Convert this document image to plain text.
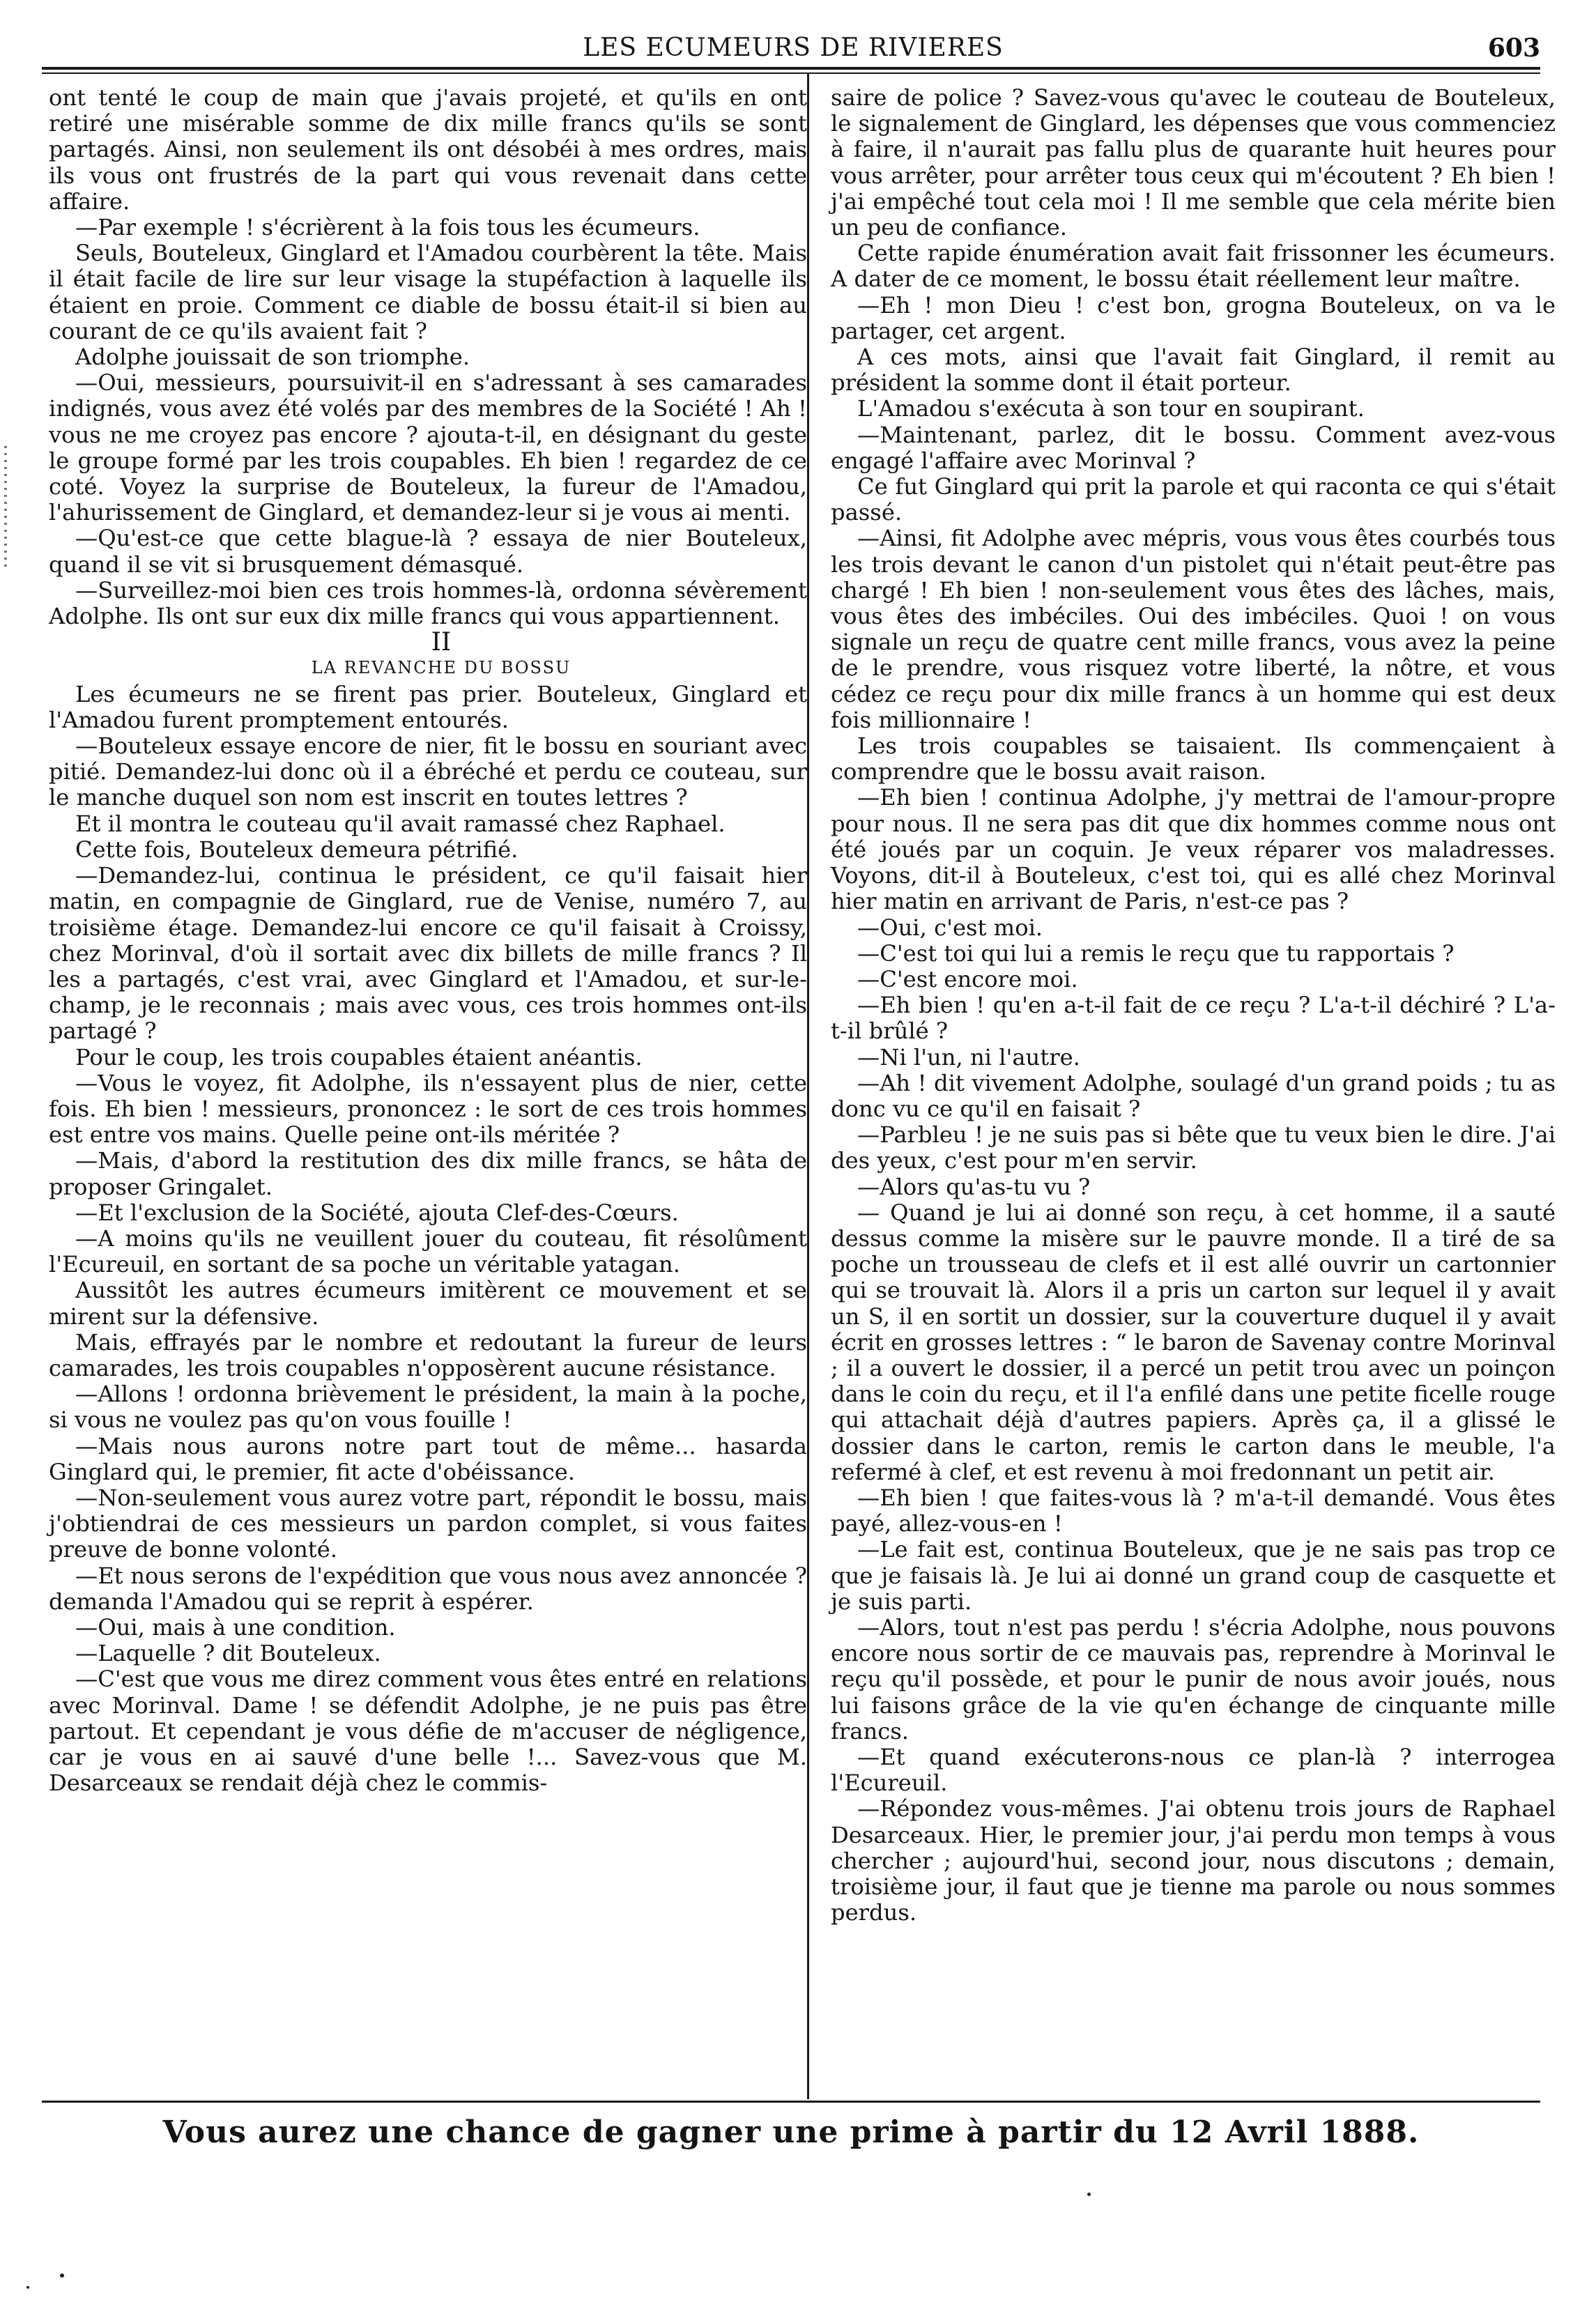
LES ECUMEURS DE RIVIERES	603

ont tenté le coup de main que j'avais projeté, et qu'ils en ont retiré une misérable somme de dix mille francs qu'ils se sont partagés. Ainsi, non seulement ils ont désobéi à mes ordres, mais ils vous ont frustrés de la part qui vous revenait dans cette affaire.

—Par exemple ! s'écrièrent à la fois tous les écumeurs.

Seuls, Bouteleux, Ginglard et l'Amadou courbèrent la tête. Mais il était facile de lire sur leur visage la stupéfaction à laquelle ils étaient en proie. Comment ce diable de bossu était-il si bien au courant de ce qu'ils avaient fait ?

Adolphe jouissait de son triomphe.

—Oui, messieurs, poursuivit-il en s'adressant à ses camarades indignés, vous avez été volés par des membres de la Société ! Ah ! vous ne me croyez pas encore ? ajouta-t-il, en désignant du geste le groupe formé par les trois coupables. Eh bien ! regardez de ce coté. Voyez la surprise de Bouteleux, la fureur de l'Amadou, l'ahurissement de Ginglard, et demandez-leur si je vous ai menti.

—Qu'est-ce que cette blague-là ? essaya de nier Bouteleux, quand il se vit si brusquement démasqué.

—Surveillez-moi bien ces trois hommes-là, ordonna sévèrement Adolphe. Ils ont sur eux dix mille francs qui vous appartiennent.

II

LA REVANCHE DU BOSSU

Les écumeurs ne se firent pas prier. Bouteleux, Ginglard et l'Amadou furent promptement entourés.

—Bouteleux essaye encore de nier, fit le bossu en souriant avec pitié. Demandez-lui donc où il a ébréché et perdu ce couteau, sur le manche duquel son nom est inscrit en toutes lettres ?

Et il montra le couteau qu'il avait ramassé chez Raphael.

Cette fois, Bouteleux demeura pétrifié.

—Demandez-lui, continua le président, ce qu'il faisait hier matin, en compagnie de Ginglard, rue de Venise, numéro 7, au troisième étage. Demandez-lui encore ce qu'il faisait à Croissy, chez Morinval, d'où il sortait avec dix billets de mille francs ? Il les a partagés, c'est vrai, avec Ginglard et l'Amadou, et sur-le-champ, je le reconnais ; mais avec vous, ces trois hommes ont-ils partagé ?

Pour le coup, les trois coupables étaient anéantis.

—Vous le voyez, fit Adolphe, ils n'essayent plus de nier, cette fois. Eh bien ! messieurs, prononcez : le sort de ces trois hommes est entre vos mains. Quelle peine ont-ils méritée ?

—Mais, d'abord la restitution des dix mille francs, se hâta de proposer Gringalet.

—Et l'exclusion de la Société, ajouta Clef-des-Cœurs.

—A moins qu'ils ne veuillent jouer du couteau, fit résolûment l'Ecureuil, en sortant de sa poche un véritable yatagan.

Aussitôt les autres écumeurs imitèrent ce mouvement et se mirent sur la défensive.

Mais, effrayés par le nombre et redoutant la fureur de leurs camarades, les trois coupables n'opposèrent aucune résistance.

—Allons ! ordonna brièvement le président, la main à la poche, si vous ne voulez pas qu'on vous fouille !

—Mais nous aurons notre part tout de même... hasarda Ginglard qui, le premier, fit acte d'obéissance.

—Non-seulement vous aurez votre part, répondit le bossu, mais j'obtiendrai de ces messieurs un pardon complet, si vous faites preuve de bonne volonté.

—Et nous serons de l'expédition que vous nous avez annoncée ? demanda l'Amadou qui se reprit à espérer.

—Oui, mais à une condition.

—Laquelle ? dit Bouteleux.

—C'est que vous me direz comment vous êtes entré en relations avec Morinval. Dame ! se défendit Adolphe, je ne puis pas être partout. Et cependant je vous défie de m'accuser de négligence, car je vous en ai sauvé d'une belle !... Savez-vous que M. Desarceaux se rendait déjà chez le commis-

saire de police ? Savez-vous qu'avec le couteau de Bouteleux, le signalement de Ginglard, les dépenses que vous commenciez à faire, il n'aurait pas fallu plus de quarante huit heures pour vous arrêter, pour arrêter tous ceux qui m'écoutent ? Eh bien ! j'ai empêché tout cela moi ! Il me semble que cela mérite bien un peu de confiance.

Cette rapide énumération avait fait frissonner les écumeurs. A dater de ce moment, le bossu était réellement leur maître.

—Eh ! mon Dieu ! c'est bon, grogna Bouteleux, on va le partager, cet argent.

A ces mots, ainsi que l'avait fait Ginglard, il remit au président la somme dont il était porteur.

L'Amadou s'exécuta à son tour en soupirant.

—Maintenant, parlez, dit le bossu. Comment avez-vous engagé l'affaire avec Morinval ?

Ce fut Ginglard qui prit la parole et qui raconta ce qui s'était passé.

—Ainsi, fit Adolphe avec mépris, vous vous êtes courbés tous les trois devant le canon d'un pistolet qui n'était peut-être pas chargé ! Eh bien ! non-seulement vous êtes des lâches, mais, vous êtes des imbéciles. Oui des imbéciles. Quoi ! on vous signale un reçu de quatre cent mille francs, vous avez la peine de le prendre, vous risquez votre liberté, la nôtre, et vous cédez ce reçu pour dix mille francs à un homme qui est deux fois millionnaire !

Les trois coupables se taisaient. Ils commençaient à comprendre que le bossu avait raison.

—Eh bien ! continua Adolphe, j'y mettrai de l'amour-propre pour nous. Il ne sera pas dit que dix hommes comme nous ont été joués par un coquin. Je veux réparer vos maladresses. Voyons, dit-il à Bouteleux, c'est toi, qui es allé chez Morinval hier matin en arrivant de Paris, n'est-ce pas ?

—Oui, c'est moi.

—C'est toi qui lui a remis le reçu que tu rapportais ?

—C'est encore moi.

—Eh bien ! qu'en a-t-il fait de ce reçu ? L'a-t-il déchiré ? L'a-t-il brûlé ?

—Ni l'un, ni l'autre.

—Ah ! dit vivement Adolphe, soulagé d'un grand poids ; tu as donc vu ce qu'il en faisait ?

—Parbleu ! je ne suis pas si bête que tu veux bien le dire. J'ai des yeux, c'est pour m'en servir.

—Alors qu'as-tu vu ?

— Quand je lui ai donné son reçu, à cet homme, il a sauté dessus comme la misère sur le pauvre monde. Il a tiré de sa poche un trousseau de clefs et il est allé ouvrir un cartonnier qui se trouvait là. Alors il a pris un carton sur lequel il y avait un S, il en sortit un dossier, sur la couverture duquel il y avait écrit en grosses lettres : “ le baron de Savenay contre Morinval ; il a ouvert le dossier, il a percé un petit trou avec un poinçon dans le coin du reçu, et il l'a enfilé dans une petite ficelle rouge qui attachait déjà d'autres papiers. Après ça, il a glissé le dossier dans le carton, remis le carton dans le meuble, l'a refermé à clef, et est revenu à moi fredonnant un petit air.

—Eh bien ! que faites-vous là ? m'a-t-il demandé. Vous êtes payé, allez-vous-en !

—Le fait est, continua Bouteleux, que je ne sais pas trop ce que je faisais là. Je lui ai donné un grand coup de casquette et je suis parti.

—Alors, tout n'est pas perdu ! s'écria Adolphe, nous pouvons encore nous sortir de ce mauvais pas, reprendre à Morinval le reçu qu'il possède, et pour le punir de nous avoir joués, nous lui faisons grâce de la vie qu'en échange de cinquante mille francs.

—Et quand exécuterons-nous ce plan-là ? interrogea l'Ecureuil.

—Répondez vous-mêmes. J'ai obtenu trois jours de Raphael Desarceaux. Hier, le premier jour, j'ai perdu mon temps à vous chercher ; aujourd'hui, second jour, nous discutons ; demain, troisième jour, il faut que je tienne ma parole ou nous sommes perdus.

Vous aurez une chance de gagner une prime à partir du 12 Avril 1888.
